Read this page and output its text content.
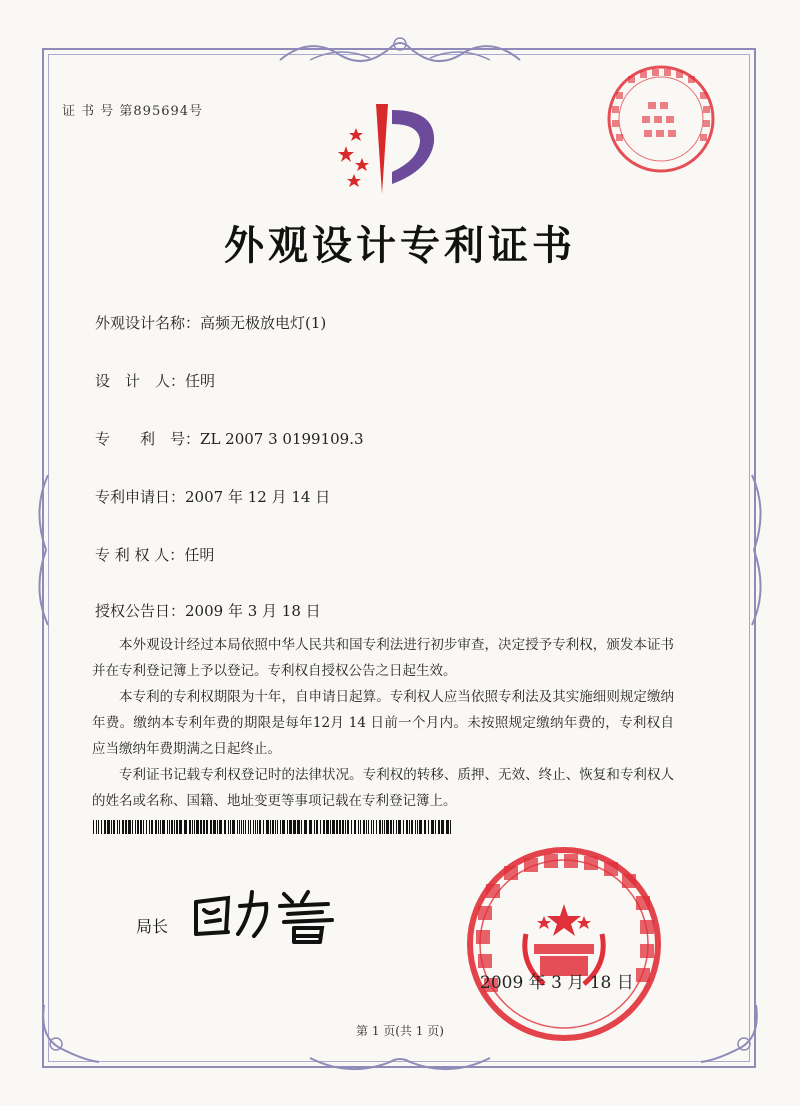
证 书 号 第895694号
外观设计专利证书
外观设计名称：高频无极放电灯(1)
设　计　人：任明
专　　利　号：ZL 2007 3 0199109.3
专利申请日：2007 年 12 月 14 日
专 利 权 人：任明
授权公告日：2009 年 3 月 18 日

本外观设计经过本局依照中华人民共和国专利法进行初步审查，决定授予专利权，颁发本证书并在专利登记簿上予以登记。专利权自授权公告之日起生效。

本专利的专利权期限为十年，自申请日起算。专利权人应当依照专利法及其实施细则规定缴纳年费。缴纳本专利年费的期限是每年12月 14 日前一个月内。未按照规定缴纳年费的，专利权自应当缴纳年费期满之日起终止。

专利证书记载专利权登记时的法律状况。专利权的转移、质押、无效、终止、恢复和专利权人的姓名或名称、国籍、地址变更等事项记载在专利登记簿上。

局长
2009 年 3 月 18 日
第 1 页(共 1 页)
